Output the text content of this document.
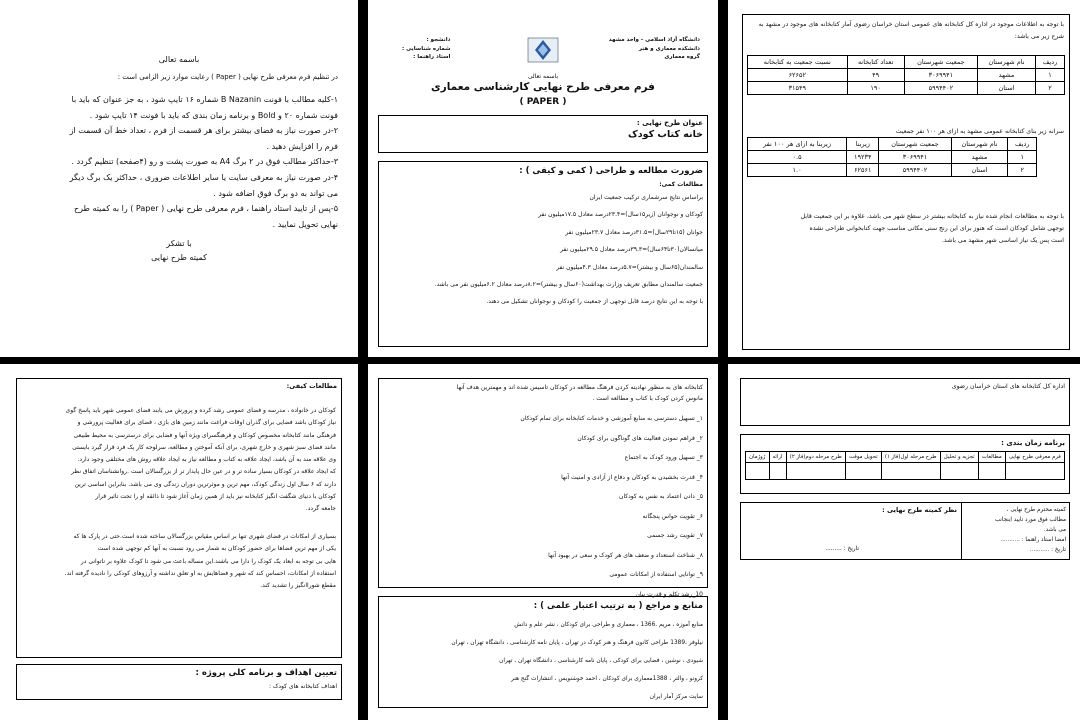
باسمه تعالی
در تنظیم فرم معرفی طرح نهایی ( Paper ) رعایت موارد زیر الزامی است :
۱-کلیه مطالب با فونت B Nazanin شماره ۱۶ تایپ شود ، به جز عنوان که باید با
فونت شماره ۲۰ و Bold و برنامه زمان بندی که باید با فونت ۱۴ تایپ شود .
۲-در صورت نیاز به فضای بیشتر برای هر قسمت از فرم ، تعداد خط آن قسمت از
فرم را افزایش دهید .
۳-حداکثر مطالب فوق در ۲ برگ A4 به صورت پشت و رو (۴صفحه) تنظیم گردد .
۴-در صورت نیاز به معرفی سایت یا سایر اطلاعات ضروری ، حداکثر یک برگ دیگر
می تواند به دو برگ فوق اضافه شود .
۵-پس از تایید استاد راهنما ، فرم معرفی طرح نهایی ( Paper ) را به کمیته طرح
نهایی تحویل نمایید .
با تشکر
کمیته طرح نهایی
دانشگاه آزاد اسلامی - واحد مشهد
دانشکده معماری و هنر
گروه معماری
دانشجو :
شماره شناسایی :
استاد راهنما :
باسمه تعالی
فرم معرفی طرح نهایی کارشناسی معماری
( PAPER )
عنوان طرح نهایی :
خانه کتاب کودک
ضرورت مطالعه و طراحی ( کمی و کیفی ) :
مطالعات کمی:
براساس نتایج سرشماری ترکیب جمعیت ایران
کودکان و نوجوانان (زیر۱۵سال)=۲۳.۴درصد معادل ۱۷.۵میلیون نفر
جوانان (۱۵تا۲۹سال)=۳۱.۵درصد معادل ۲۳.۷میلیون نفر
میانسالان(۳۰تا۶۴سال)=۳۹.۳درصد معادل ۲۹.۵میلیون نفر
سالمندان(۶۵سال و بیشتر)=۵.۷درصد معادل ۴.۳میلیون نفر
جمعیت سالمندان مطابق تعریف وزارت بهداشت(۶۰سال و بیشتر)=۸.۲درصد معادل ۶.۲میلیون نفر می باشد.
با توجه به این نتایج درصد قابل توجهی از جمعیت را کودکان و نوجوانان تشکیل می دهند.
با توجه به اطلاعات موجود در اداره کل کتابخانه های عمومی استان خراسان رضوی آمار کتابخانه های موجود در مشهد به شرح زیر می باشد:
ردیف	نام شهرستان	جمعیت شهرستان	تعداد کتابخانه	نسبت جمعیت به کتابخانه
۱	مشهد	۳۰۶۹۹۴۱	۴۹	۶۲۶۵۲
۲	استان	۵۹۹۴۴۰۲	۱۹۰	۳۱۵۴۹
سرانه زیر بنای کتابخانه عمومی مشهد به ازای هر ۱۰۰ نفر جمعیت
ردیف	نام شهرستان	جمعیت شهرستان	زیربنا	زیربنا به ازای هر ۱۰۰ نفر
۱	مشهد	۳۰۶۹۹۴۱	۱۹۲۳۴	۰.۵
۲	استان	۵۹۹۴۴۰۲	۶۲۵۶۱	۱.۰
با توجه به مطالعات انجام شده نیاز به کتابخانه بیشتر در سطح شهر می باشد، علاوه بر این جمعیت قابل
توجهی شامل کودکان است که هنوز برای این رنج سنی مکانی مناسب جهت کتابخوانی طراحی نشده
است پس یک نیاز اساسی شهر مشهد می باشد.
مطالعات کیفی:
کودکان در خانواده ، مدرسه و فضای عمومی رشد کرده و پرورش می یابند فضای عمومی شهر باید پاسخ گوی
نیاز کودکان باشد فضایی برای گذران اوقات فراغت مانند زمین های بازی ، فضای برای فعالیت پرورشی و
فرهنگی مانند کتابخانه مخصوص کودکان و فرهنگسرای ویژه آنها و فضایی برای درسترسی به محیط طبیعی
مانند فضای سبز شهری و خارج شهری، برای آنکه آموختن و مطالعه، سرلوحه کار یک فرد قرار گیرد بایستی
وی علاقه مند به آن باشد، ایجاد علاقه به کتاب و مطالعه نیاز به ایجاد علاقه روش های مختلفی وجود دارد.
که ایجاد علاقه در کودکان بسیار ساده تر و در عین حال پایدار تر از بزرگسالان است .روانشناسان اتفاق نظر
دارند که ۶ سال اول زندگی کودک، مهم ترین و موثرترین دوران زندگی وی می باشد. بنابراین اساسی ترین
کودکان با دنیای شگفت انگیز کتابخانه نیز باید از همین زمان آغاز شود تا ذائقه او را تحت تاثیر قرار
جامعه گردد.
بسیاری از امکانات در فضای شهری تنها بر اساس مقیاس بزرگسالان ساخته شده است.حتی در پارک ها که
یکی از مهم ترین فضاها برای حضور کودکان به شمار می رود نسبت به آنها کم توجهی شده است
هایی بی توجه به ابعاد یک کودک را دارا می باشند.این مساله باعث می شود تا کودک علاوه بر ناتوانی در
استفاده از امکانات، احساس کند که شهر و فضاهایش به او تعلق نداشته و آرزوهای کودکی را نادیده گرفته اند.
مقطع شوراانگیز را تشدید کند.
تعیین اهداف و برنامه کلی پروژه :
اهداف کتابخانه های کودک :
کتابخانه های به منظور نهادینه کردن فرهنگ مطالعه در کودکان تاسیس شده اند و مهمترین هدف آنها
مانوس کردن کودک با کتاب و مطالعه است .
۱_ تسهیل دسترسی به منابع آموزشی و خدمات کتابخانه برای تمام کودکان
۲_ فراهم نمودن فعالیت های گوناگون برای کودکان
۳_ تسهیل ورود کودک به اجتماع
۴_ قدرت بخشیدن به کودکان و دفاع از آزادی و امنیت آنها
۵_ دادن اعتماد به نفس به کودکان
۶_ تقویت حواس پنجگانه
۷_ تقویت رشد جسمی
۸_ شناخت استعداد و ضعف های هر کودک و سعی در بهبود آنها
۹_ توانایی استفاده از امکانات عمومی
10_رشد تکلم و قدرت بیان
منابع و مراجع ( به ترتیب اعتبار علمی ) :
منابع آموزه ، مریم .1366 ، معماری و طراحی برای کودکان ، نشر علم و دانش
نیلوفر ،1389 طراحی کانون فرهنگ و هنر کودک در تهران ، پایان نامه کارشناسی ، دانشگاه تهران ، تهران
شیودی ، نوشین ، فضایی برای کودکی ، پایان نامه کارشناسی ، دانشگاه تهران ، تهران
کرونو ، والتر ، 1388معماری برای کودکان ، احمد خوشنویس ، انتشارات گنج هنر
سایت مرکز آمار ایران
اداره کل کتابخانه های استان خراسان رضوی
برنامه زمان بندی :
فرم معرفی طرح نهایی	مطالعات	تجزیه و تحلیل	طرح مرحله اول(فاز ۱)	تحویل موقت	طرح مرحله دوم(فاز ۲)	ارائه	ژوژمان

کمیته محترم طرح نهایی ،
مطالب فوق مورد تایید اینجانب
می باشد.
امضا استاد راهنما : ...........
تاریخ : ...........
نظر کمیته طرح نهایی :
تاریخ : .........
